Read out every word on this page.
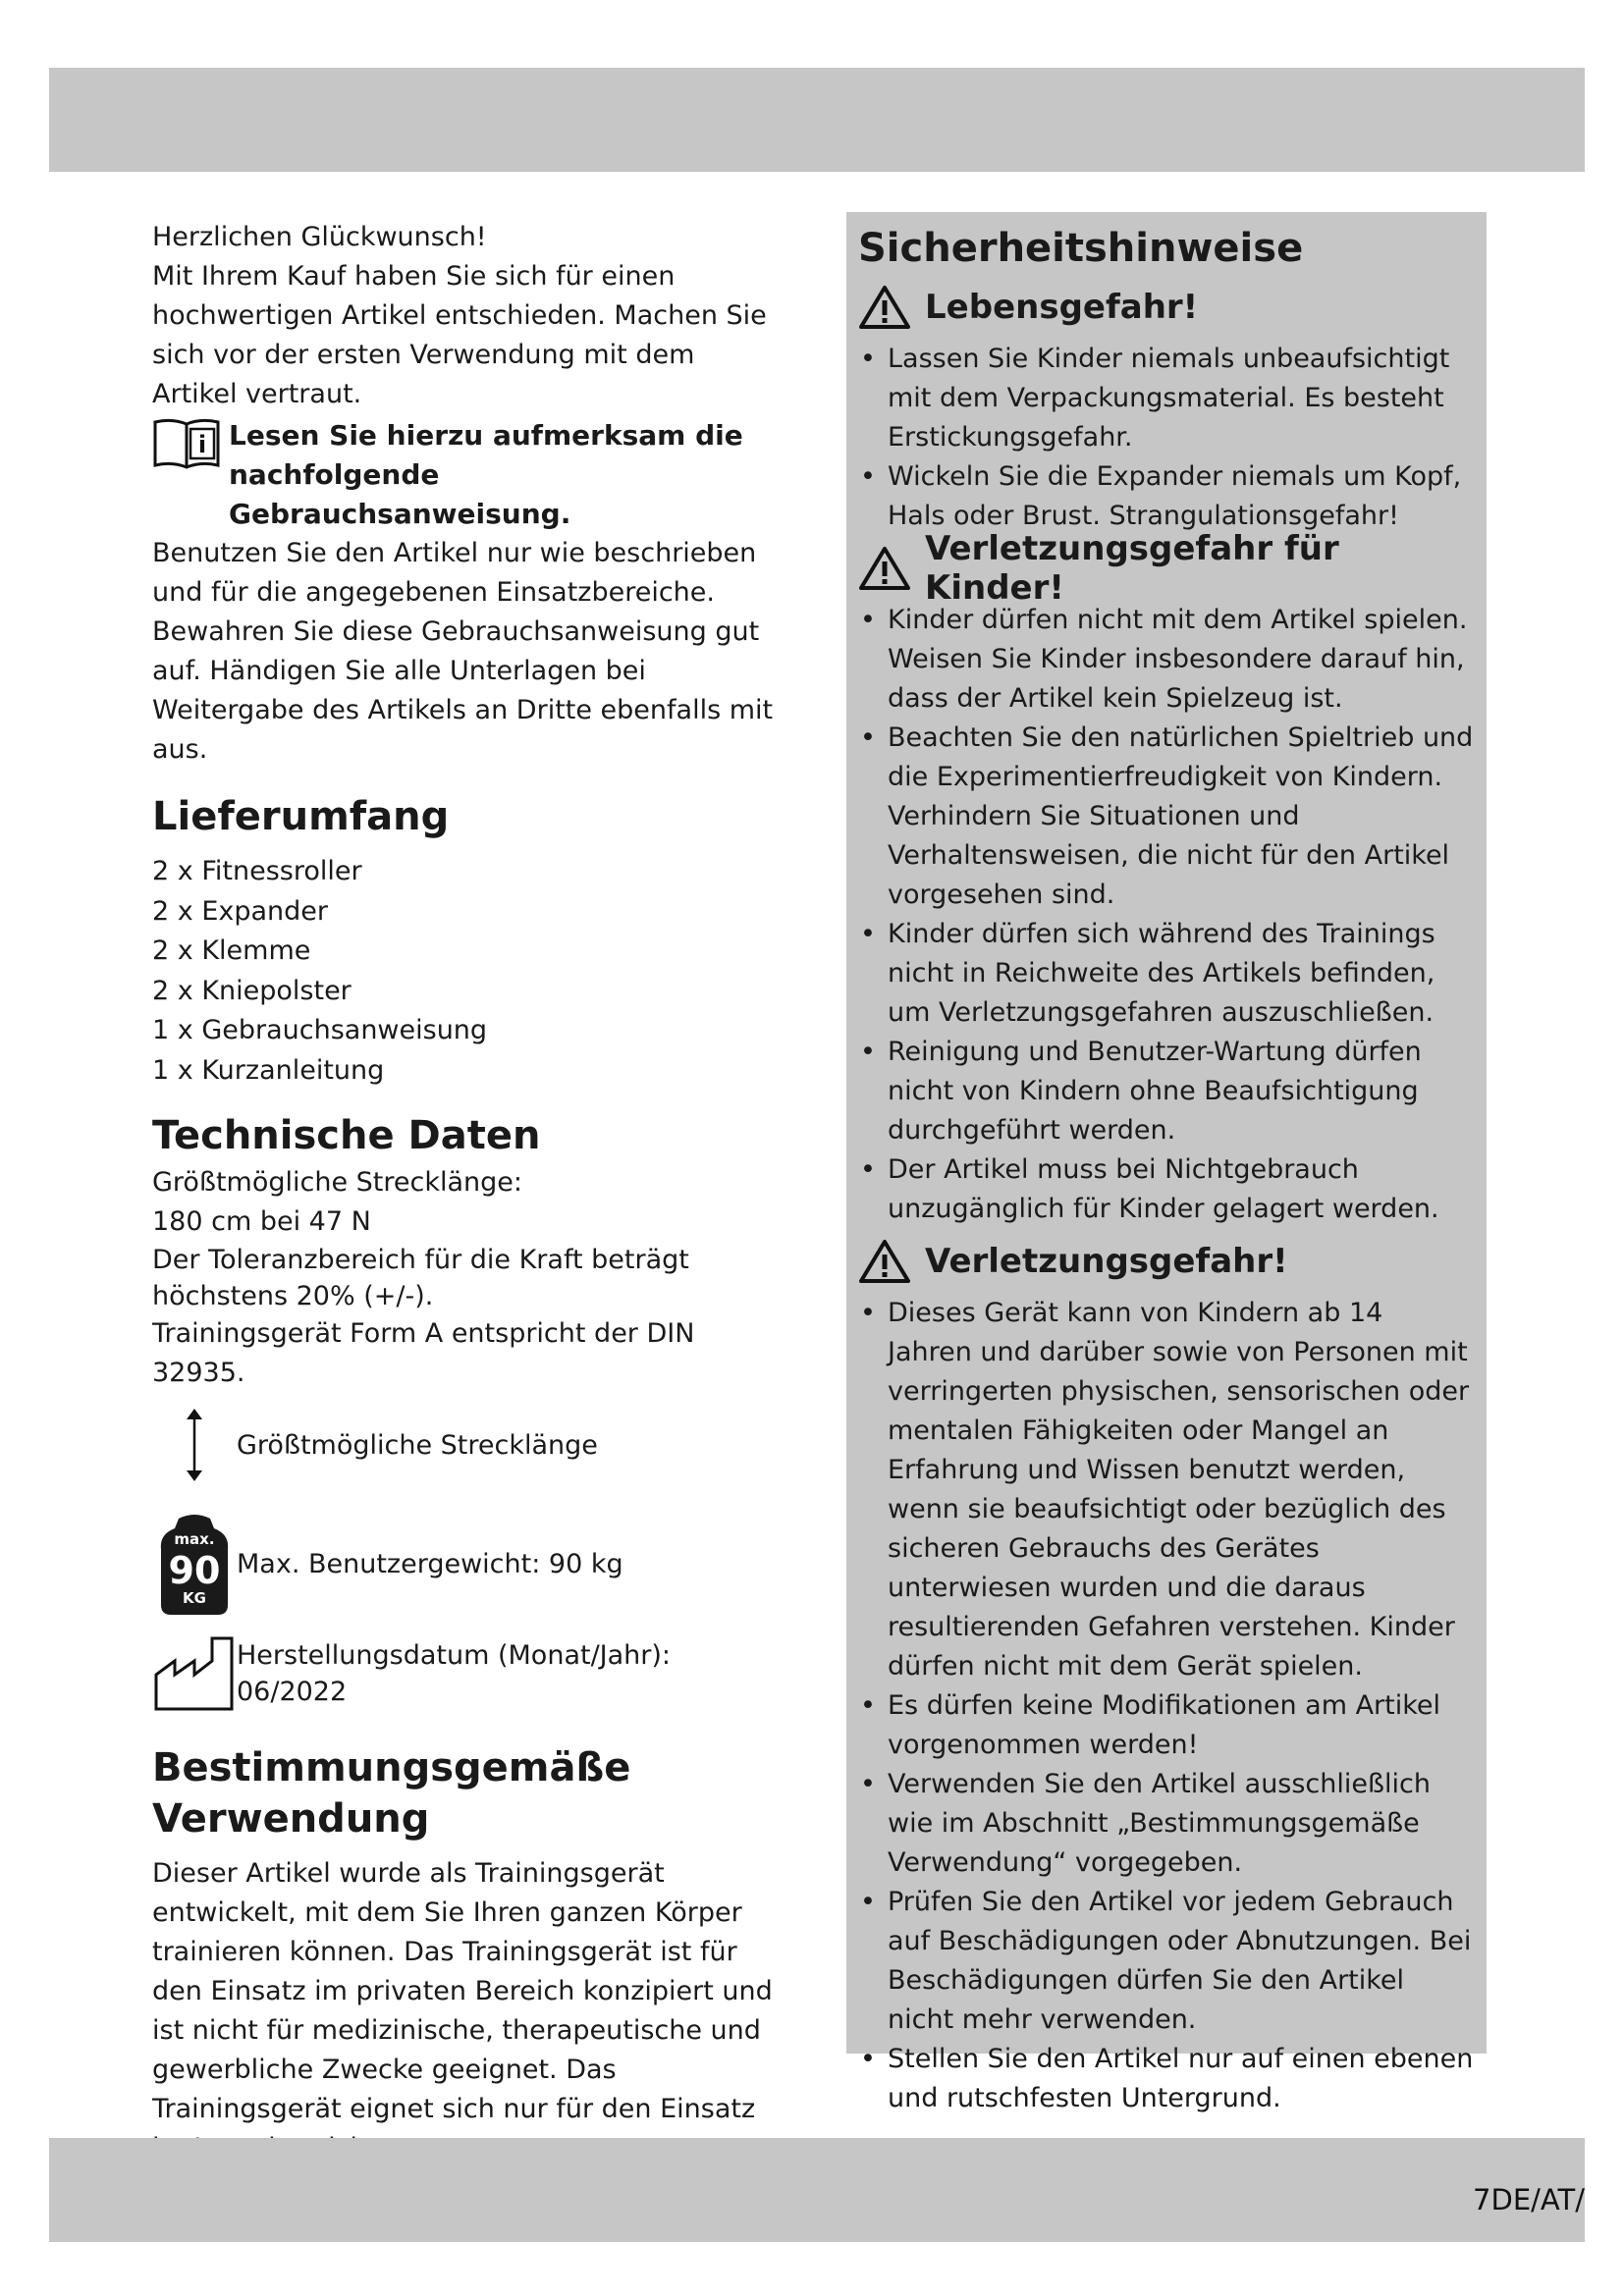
Herzlichen Glückwunsch!

Mit Ihrem Kauf haben Sie sich für einen hochwertigen Artikel entschieden. Machen Sie sich vor der ersten Verwendung mit dem Artikel vertraut.

i Lesen Sie hierzu aufmerksam die nachfolgende Gebrauchsanweisung.

Benutzen Sie den Artikel nur wie beschrieben und für die angegebenen Einsatzbereiche. Bewahren Sie diese Gebrauchsanweisung gut auf. Händigen Sie alle Unterlagen bei Weitergabe des Artikels an Dritte ebenfalls mit aus.

Lieferumfang
2 x Fitnessroller
2 x Expander
2 x Klemme
2 x Kniepolster
1 x Gebrauchsanweisung
1 x Kurzanleitung
Technische Daten

Größtmögliche Strecklänge:

180 cm bei 47 N

Der Toleranzbereich für die Kraft beträgt höchstens 20% (+/-).

Trainingsgerät Form A entspricht der DIN 32935.

Größtmögliche Strecklänge
max.
90
KG
Max. Benutzergewicht: 90 kg
Herstellungsdatum (Monat/Jahr):
06/2022
Bestimmungsgemäße
Verwendung

Dieser Artikel wurde als Trainingsgerät entwickelt, mit dem Sie Ihren ganzen Körper trainieren können. Das Trainingsgerät ist für den Einsatz im privaten Bereich konzipiert und ist nicht für medizinische, therapeutische und gewerbliche Zwecke geeignet. Das Trainingsgerät eignet sich nur für den Einsatz

Sicherheitshinweise
Lebensgefahr!
• Lassen Sie Kinder niemals unbeaufsichtigt mit dem Verpackungsmaterial. Es besteht Erstickungsgefahr.
• Wickeln Sie die Expander niemals um Kopf, Hals oder Brust. Strangulationsgefahr!
Verletzungsgefahr für Kinder!
• Kinder dürfen nicht mit dem Artikel spielen. Weisen Sie Kinder insbesondere darauf hin, dass der Artikel kein Spielzeug ist.
• Beachten Sie den natürlichen Spieltrieb und die Experimentierfreudigkeit von Kindern. Verhindern Sie Situationen und Verhaltensweisen, die nicht für den Artikel vorgesehen sind.
• Kinder dürfen sich während des Trainings nicht in Reichweite des Artikels befinden, um Verletzungsgefahren auszuschließen.
• Reinigung und Benutzer-Wartung dürfen nicht von Kindern ohne Beaufsichtigung durchgeführt werden.
• Der Artikel muss bei Nichtgebrauch unzugänglich für Kinder gelagert werden.
Verletzungsgefahr!
• Dieses Gerät kann von Kindern ab 14 Jahren und darüber sowie von Personen mit verringerten physischen, sensorischen oder mentalen Fähigkeiten oder Mangel an Erfahrung und Wissen benutzt werden, wenn sie beaufsichtigt oder bezüglich des sicheren Gebrauchs des Gerätes unterwiesen wurden und die daraus resultierenden Gefahren verstehen. Kinder dürfen nicht mit dem Gerät spielen.
• Es dürfen keine Modifikationen am Artikel vorgenommen werden!
• Verwenden Sie den Artikel ausschließlich wie im Abschnitt „Bestimmungsgemäße Verwendung“ vorgegeben.
• Prüfen Sie den Artikel vor jedem Gebrauch auf Beschädigungen oder Abnutzungen. Bei Beschädigungen dürfen Sie den Artikel nicht mehr verwenden.
• Stellen Sie den Artikel nur auf einen ebenen und rutschfesten Untergrund.
7DE/AT/
